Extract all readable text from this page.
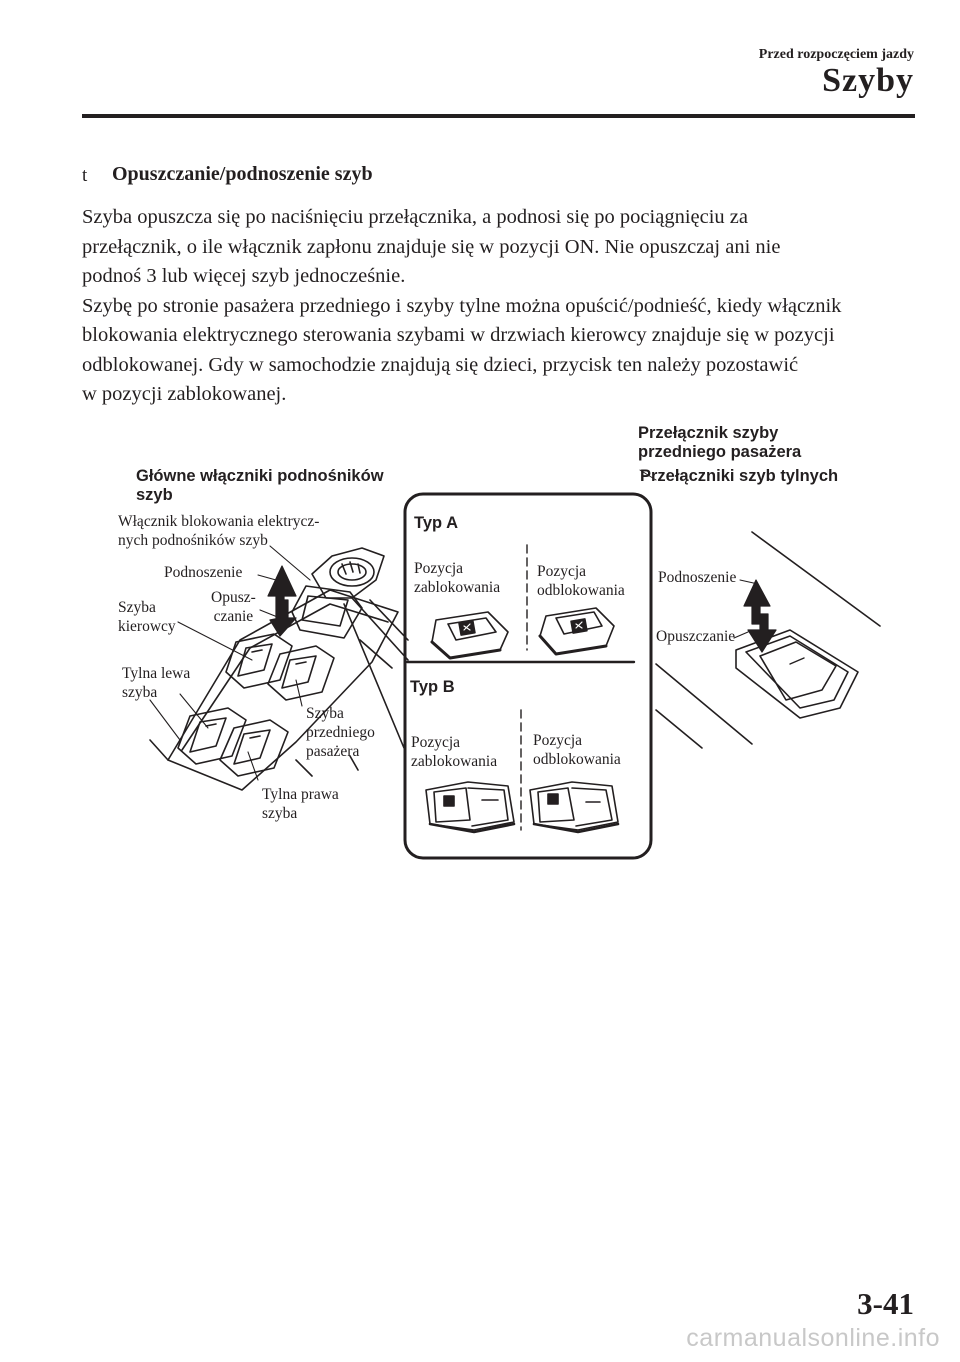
Przed rozpoczęciem jazdy
Szyby
t Opuszczanie/podnoszenie szyb

Szyba opuszcza się po naciśnięciu przełącznika, a podnosi się po pociągnięciu za
przełącznik, o ile włącznik zapłonu znajduje się w pozycji ON. Nie opuszczaj ani nie
podnoś 3 lub więcej szyb jednocześnie.

Szybę po stronie pasażera przedniego i szyby tylne można opuścić/podnieść, kiedy włącznik
blokowania elektrycznego sterowania szybami w drzwiach kierowcy znajduje się w pozycji
odblokowanej. Gdy w samochodzie znajdują się dzieci, przycisk ten należy pozostawić
w pozycji zablokowanej.

Główne włączniki podnośników
szyb
Włącznik blokowania elektrycz-
nych podnośników szyb
Podnoszenie
Opusz-
czanie
Szyba
kierowcy
Tylna lewa
szyba
Szyba
przedniego
pasażera
Tylna prawa
szyba
Typ A
Pozycja
zablokowania
Pozycja
odblokowania
Typ B
Pozycja
zablokowania
Pozycja
odblokowania
Przełącznik szyby
przedniego pasażera
Przełączniki szyb tylnych
Podnoszenie
Opuszczanie
3-41
carmanualsonline.info
